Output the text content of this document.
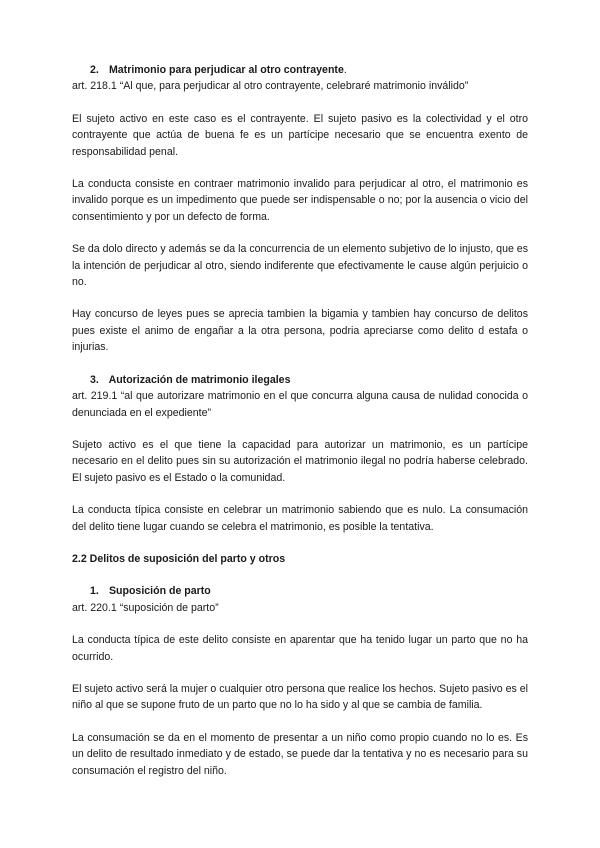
2. Matrimonio para perjudicar al otro contrayente.

art. 218.1 “Al que, para perjudicar al otro contrayente, celebraré matrimonio inválido”

El sujeto activo en este caso es el contrayente. El sujeto pasivo es la colectividad y el otro contrayente que actúa de buena fe es un partícipe necesario que se encuentra exento de responsabilidad penal.

La conducta consiste en contraer matrimonio invalido para perjudicar al otro, el matrimonio es invalido porque es un impedimento que puede ser indispensable o no; por la ausencia o vicio del consentimiento y por un defecto de forma.

Se da dolo directo y además se da la concurrencia de un elemento subjetivo de lo injusto, que es la intención de perjudicar al otro, siendo indiferente que efectivamente le cause algún perjuicio o no.

Hay concurso de leyes pues se aprecia tambien la bigamia y tambien hay concurso de delitos pues existe el animo de engañar a la otra persona, podria apreciarse como delito d estafa o injurias.

3. Autorización de matrimonio ilegales

art. 219.1 “al que autorizare matrimonio en el que concurra alguna causa de nulidad conocida o denunciada en el expediente”

Sujeto activo es el que tiene la capacidad para autorizar un matrimonio, es un partícipe necesario en el delito pues sin su autorización el matrimonio ilegal no podría haberse celebrado. El sujeto pasivo es el Estado o la comunidad.

La conducta típica consiste en celebrar un matrimonio sabiendo que es nulo. La consumación del delito tiene lugar cuando se celebra el matrimonio, es posible la tentativa.

2.2 Delitos de suposición del parto y otros
1. Suposición de parto

art. 220.1 “suposición de parto”

La conducta típica de este delito consiste en aparentar que ha tenido lugar un parto que no ha ocurrido.

El sujeto activo será la mujer o cualquier otro persona que realice los hechos. Sujeto pasivo es el niño al que se supone fruto de un parto que no lo ha sido y al que se cambia de familia.

La consumación se da en el momento de presentar a un niño como propio cuando no lo es. Es un delito de resultado inmediato y de estado, se puede dar la tentativa y no es necesario para su consumación el registro del niño.
